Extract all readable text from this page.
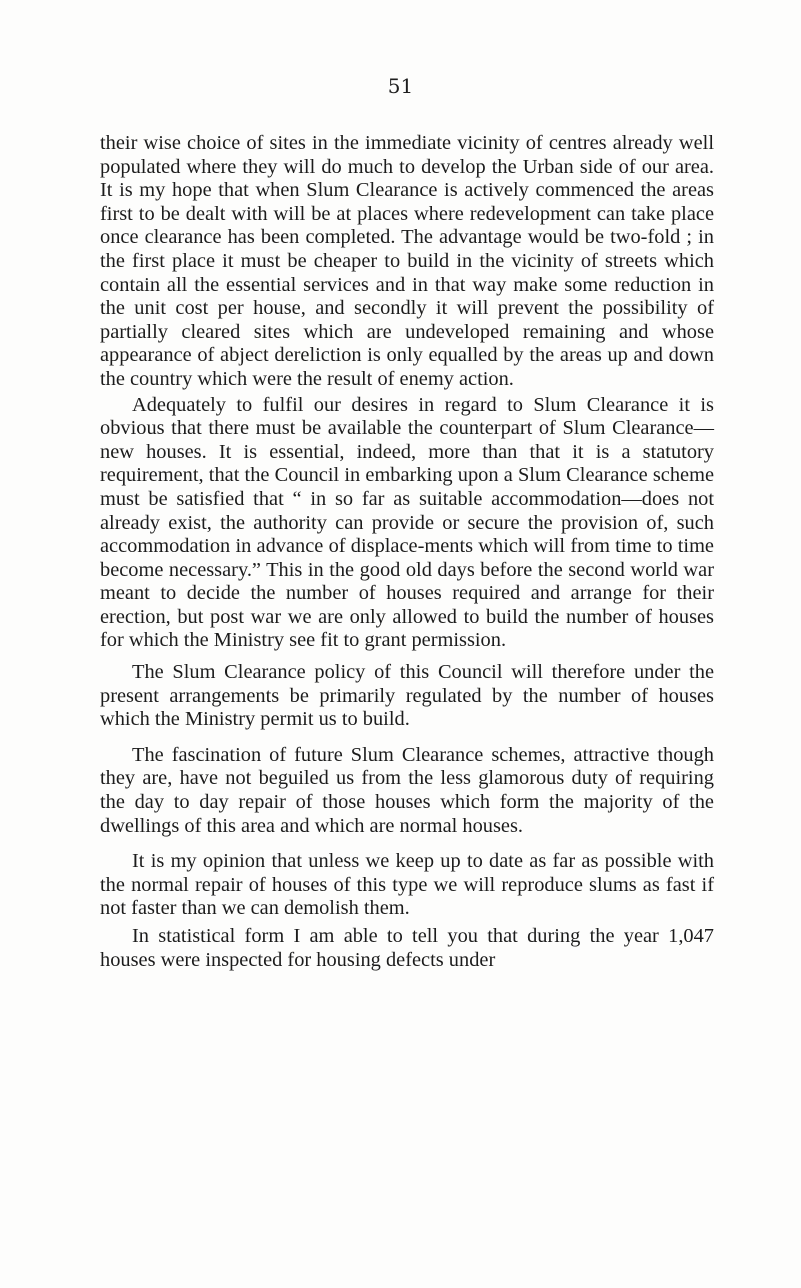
51

their wise choice of sites in the immediate vicinity of centres already well populated where they will do much to develop the Urban side of our area. It is my hope that when Slum Clearance is actively commenced the areas first to be dealt with will be at places where redevelopment can take place once clearance has been completed. The advantage would be two-fold ; in the first place it must be cheaper to build in the vicinity of streets which contain all the essential services and in that way make some reduction in the unit cost per house, and secondly it will prevent the possibility of partially cleared sites which are undeveloped remaining and whose appearance of abject dereliction is only equalled by the areas up and down the country which were the result of enemy action.

Adequately to fulfil our desires in regard to Slum Clearance it is obvious that there must be available the counterpart of Slum Clearance—new houses. It is essential, indeed, more than that it is a statutory requirement, that the Council in embarking upon a Slum Clearance scheme must be satisfied that “ in so far as suitable accommodation—does not already exist, the authority can provide or secure the provision of, such accommodation in advance of displace-ments which will from time to time become necessary.” This in the good old days before the second world war meant to decide the number of houses required and arrange for their erection, but post war we are only allowed to build the number of houses for which the Ministry see fit to grant permission.

The Slum Clearance policy of this Council will therefore under the present arrangements be primarily regulated by the number of houses which the Ministry permit us to build.

The fascination of future Slum Clearance schemes, attractive though they are, have not beguiled us from the less glamorous duty of requiring the day to day repair of those houses which form the majority of the dwellings of this area and which are normal houses.

It is my opinion that unless we keep up to date as far as possible with the normal repair of houses of this type we will reproduce slums as fast if not faster than we can demolish them.

In statistical form I am able to tell you that during the year 1,047 houses were inspected for housing defects under
